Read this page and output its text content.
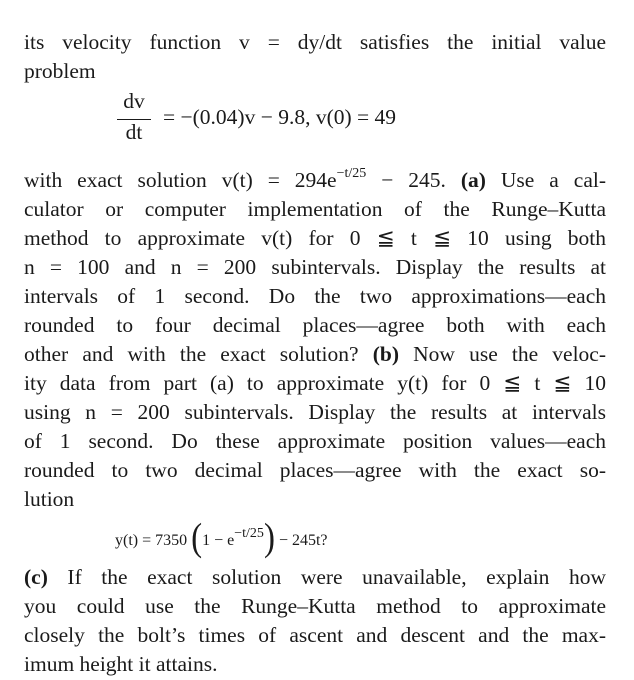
its velocity function v = dy/dt satisfies the initial value
problem
dv
dt
= −(0.04)v − 9.8, v(0) = 49
with exact solution $v(t) = 294e^{-t/25} - 245$. (a) Use a cal-
culator or computer implementation of the Runge–Kutta
method to approximate v(t) for 0 ≦ t ≦ 10 using both
n = 100 and n = 200 subintervals. Display the results at
intervals of 1 second. Do the two approximations—each
rounded to four decimal places—agree both with each
other and with the exact solution? (b) Now use the veloc-
ity data from part (a) to approximate y(t) for 0 ≦ t ≦ 10
using n = 200 subintervals. Display the results at intervals
of 1 second. Do these approximate position values—each
rounded to two decimal places—agree with the exact so-
lution
y(t) = 7350 $(1 - e^{-t/25}) - 245t$?
(c) If the exact solution were unavailable, explain how
you could use the Runge–Kutta method to approximate
closely the bolt’s times of ascent and descent and the max-
imum height it attains.
